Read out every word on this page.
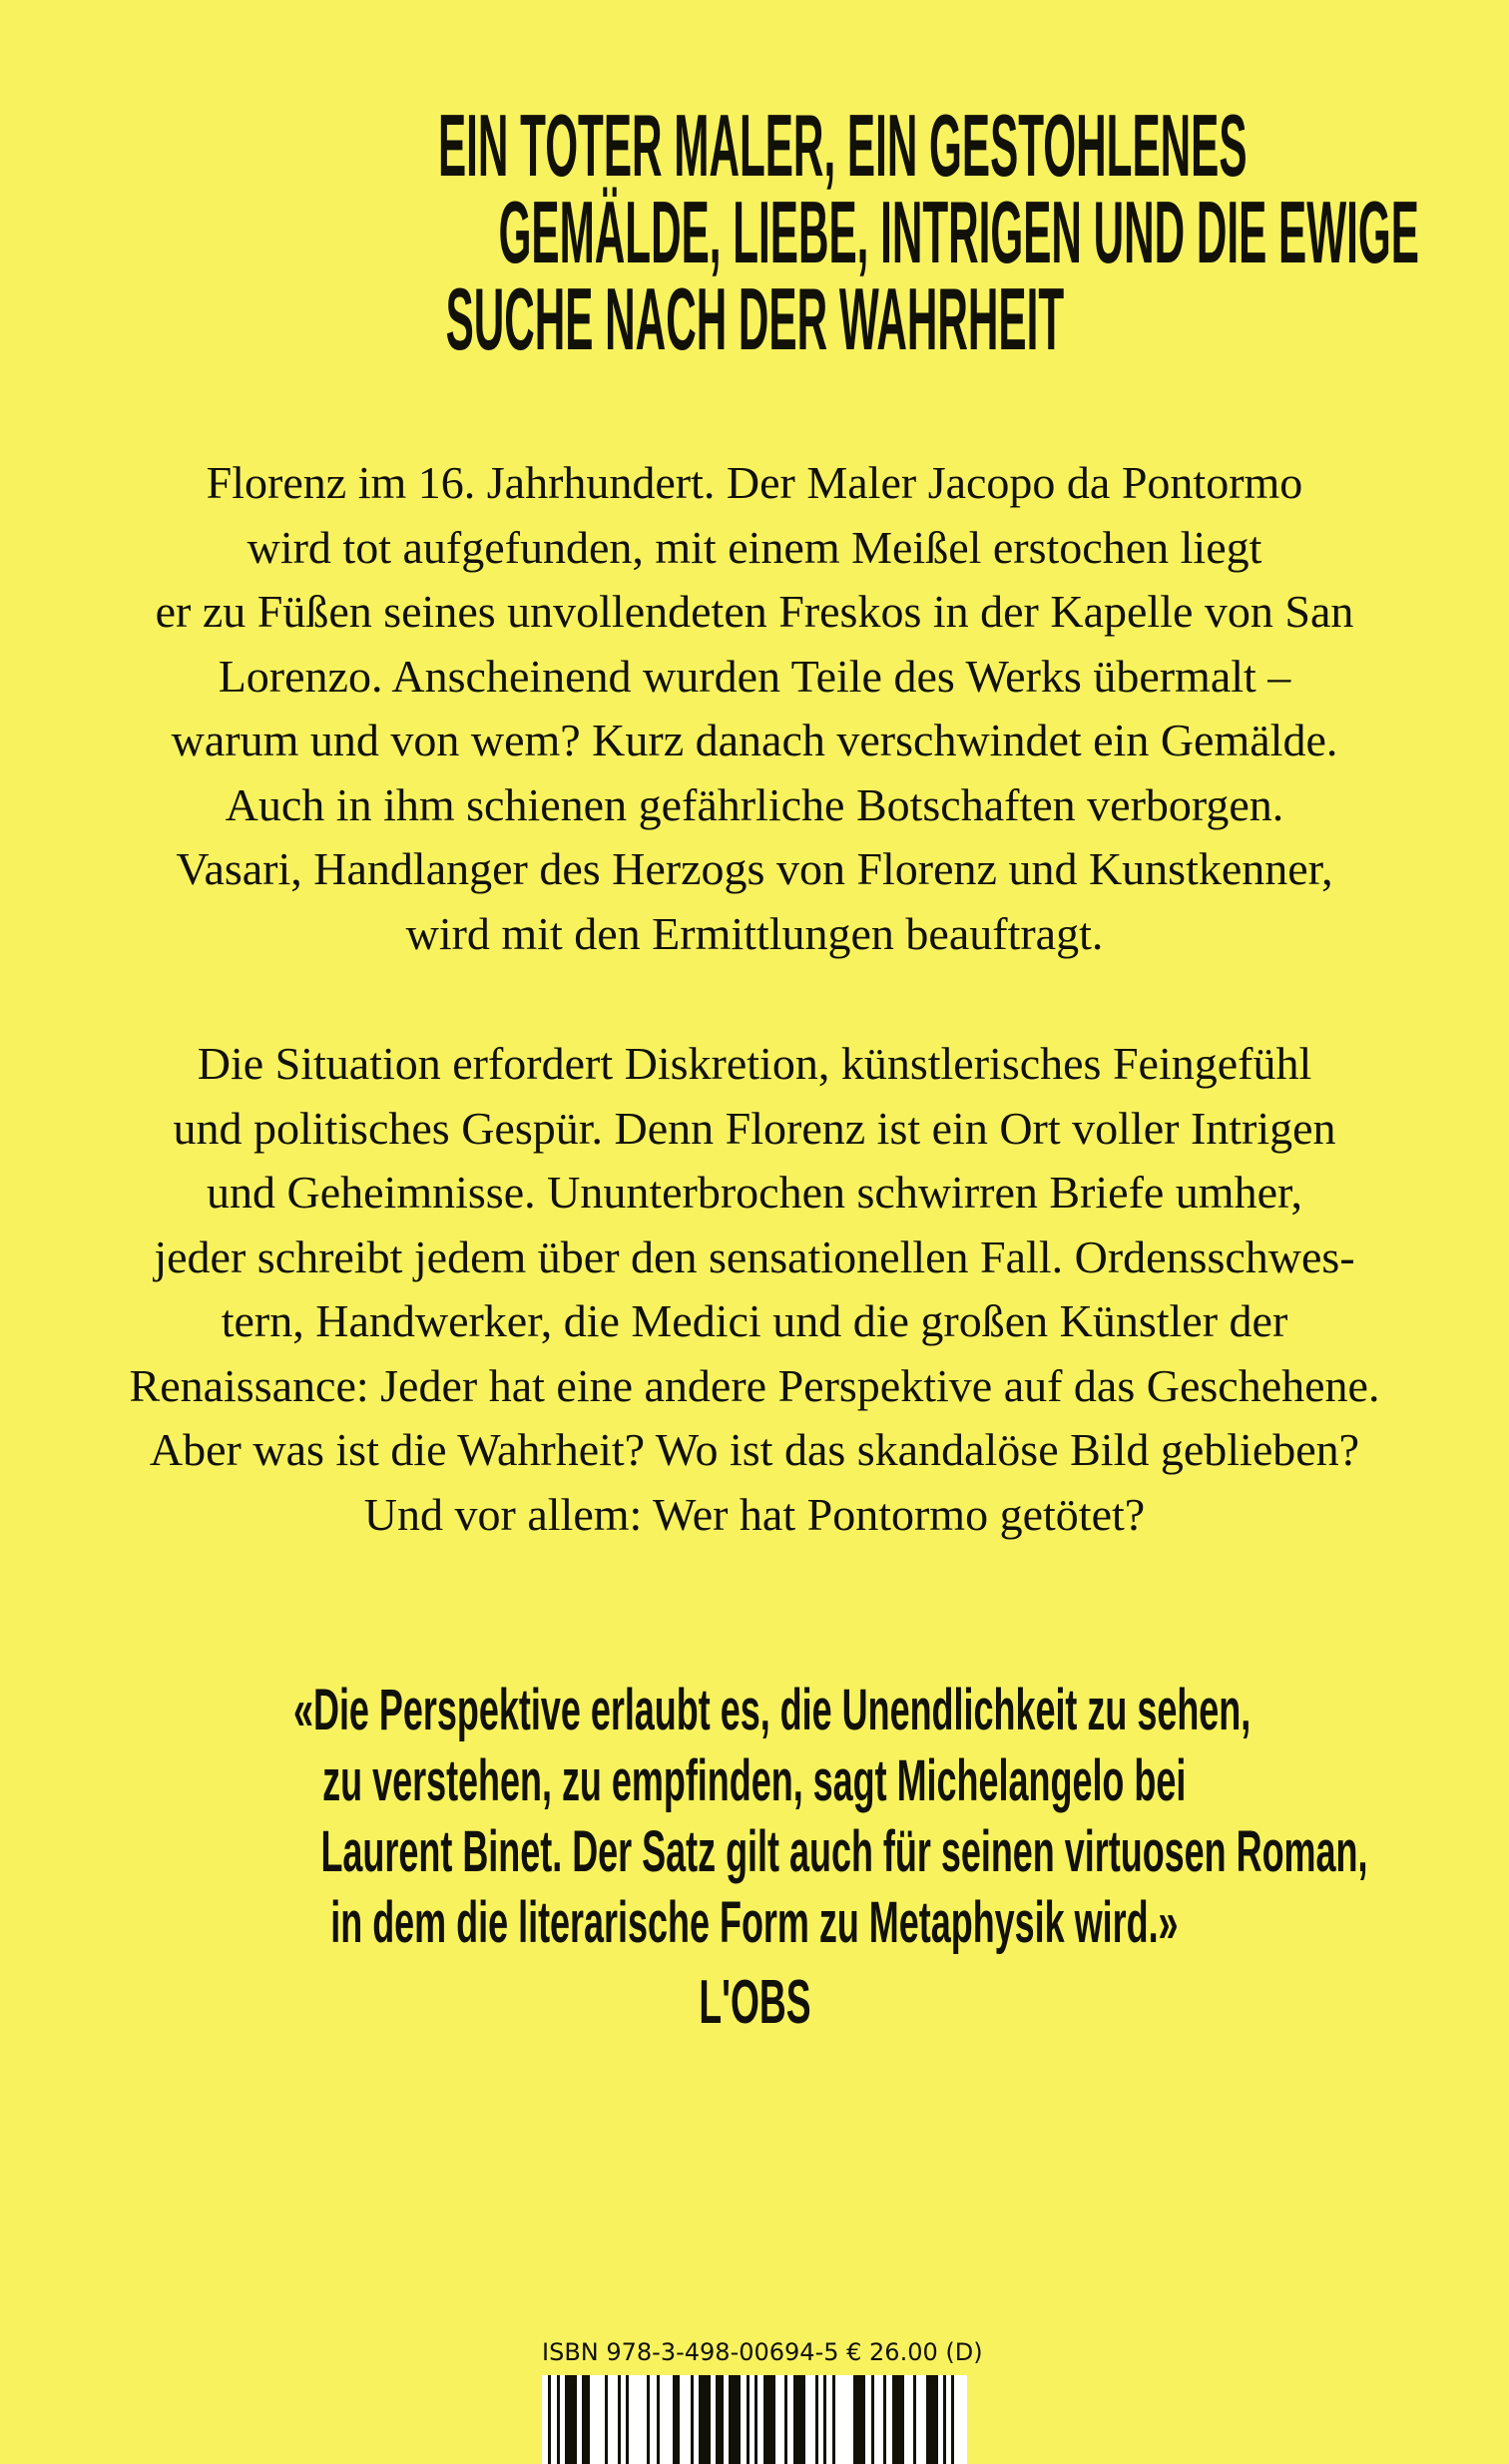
EIN TOTER MALER, EIN GESTOHLENES
GEMÄLDE, LIEBE, INTRIGEN UND DIE EWIGE
SUCHE NACH DER WAHRHEIT
Florenz im 16. Jahrhundert. Der Maler Jacopo da Pontormo
wird tot aufgefunden, mit einem Meißel erstochen liegt
er zu Füßen seines unvollendeten Freskos in der Kapelle von San
Lorenzo. Anscheinend wurden Teile des Werks übermalt –
warum und von wem? Kurz danach verschwindet ein Gemälde.
Auch in ihm schienen gefährliche Botschaften verborgen.
Vasari, Handlanger des Herzogs von Florenz und Kunstkenner,
wird mit den Ermittlungen beauftragt.
Die Situation erfordert Diskretion, künstlerisches Feingefühl
und politisches Gespür. Denn Florenz ist ein Ort voller Intrigen
und Geheimnisse. Ununterbrochen schwirren Briefe umher,
jeder schreibt jedem über den sensationellen Fall. Ordensschwes-
tern, Handwerker, die Medici und die großen Künstler der
Renaissance: Jeder hat eine andere Perspektive auf das Geschehene.
Aber was ist die Wahrheit? Wo ist das skandalöse Bild geblieben?
Und vor allem: Wer hat Pontormo getötet?
«Die Perspektive erlaubt es, die Unendlichkeit zu sehen,
zu verstehen, zu empfinden, sagt Michelangelo bei
Laurent Binet. Der Satz gilt auch für seinen virtuosen Roman,
in dem die literarische Form zu Metaphysik wird.»
L'OBS
ISBN 978-3-498-00694-5 € 26.00 (D)
